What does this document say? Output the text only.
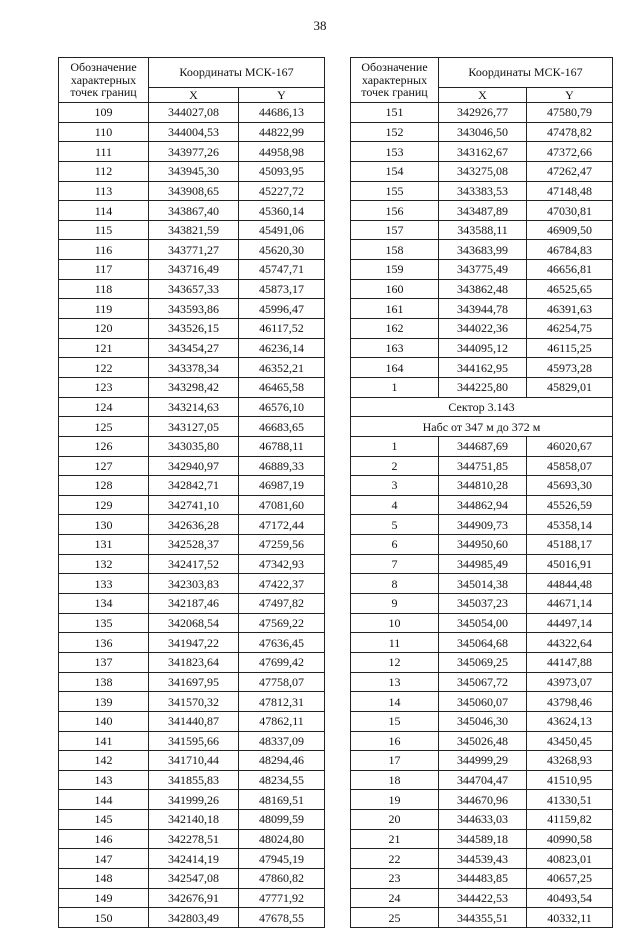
38
Обозначение характерных точек границ	Координаты МСК-167	
	X	Y
109	344027,08	44686,13
110	344004,53	44822,99
111	343977,26	44958,98
112	343945,30	45093,95
113	343908,65	45227,72
114	343867,40	45360,14
115	343821,59	45491,06
116	343771,27	45620,30
117	343716,49	45747,71
118	343657,33	45873,17
119	343593,86	45996,47
120	343526,15	46117,52
121	343454,27	46236,14
122	343378,34	46352,21
123	343298,42	46465,58
124	343214,63	46576,10
125	343127,05	46683,65
126	343035,80	46788,11
127	342940,97	46889,33
128	342842,71	46987,19
129	342741,10	47081,60
130	342636,28	47172,44
131	342528,37	47259,56
132	342417,52	47342,93
133	342303,83	47422,37
134	342187,46	47497,82
135	342068,54	47569,22
136	341947,22	47636,45
137	341823,64	47699,42
138	341697,95	47758,07
139	341570,32	47812,31
140	341440,87	47862,11
141	341595,66	48337,09
142	341710,44	48294,46
143	341855,83	48234,55
144	341999,26	48169,51
145	342140,18	48099,59
146	342278,51	48024,80
147	342414,19	47945,19
148	342547,08	47860,82
149	342676,91	47771,92
150	342803,49	47678,55
Обозначение характерных точек границ	Координаты МСК-167	
	X	Y
151	342926,77	47580,79
152	343046,50	47478,82
153	343162,67	47372,66
154	343275,08	47262,47
155	343383,53	47148,48
156	343487,89	47030,81
157	343588,11	46909,50
158	343683,99	46784,83
159	343775,49	46656,81
160	343862,48	46525,65
161	343944,78	46391,63
162	344022,36	46254,75
163	344095,12	46115,25
164	344162,95	45973,28
1	344225,80	45829,01
Сектор 3.143		
Набс от 347 м до 372 м		
1	344687,69	46020,67
2	344751,85	45858,07
3	344810,28	45693,30
4	344862,94	45526,59
5	344909,73	45358,14
6	344950,60	45188,17
7	344985,49	45016,91
8	345014,38	44844,48
9	345037,23	44671,14
10	345054,00	44497,14
11	345064,68	44322,64
12	345069,25	44147,88
13	345067,72	43973,07
14	345060,07	43798,46
15	345046,30	43624,13
16	345026,48	43450,45
17	344999,29	43268,93
18	344704,47	41510,95
19	344670,96	41330,51
20	344633,03	41159,82
21	344589,18	40990,58
22	344539,43	40823,01
23	344483,85	40657,25
24	344422,53	40493,54
25	344355,51	40332,11
